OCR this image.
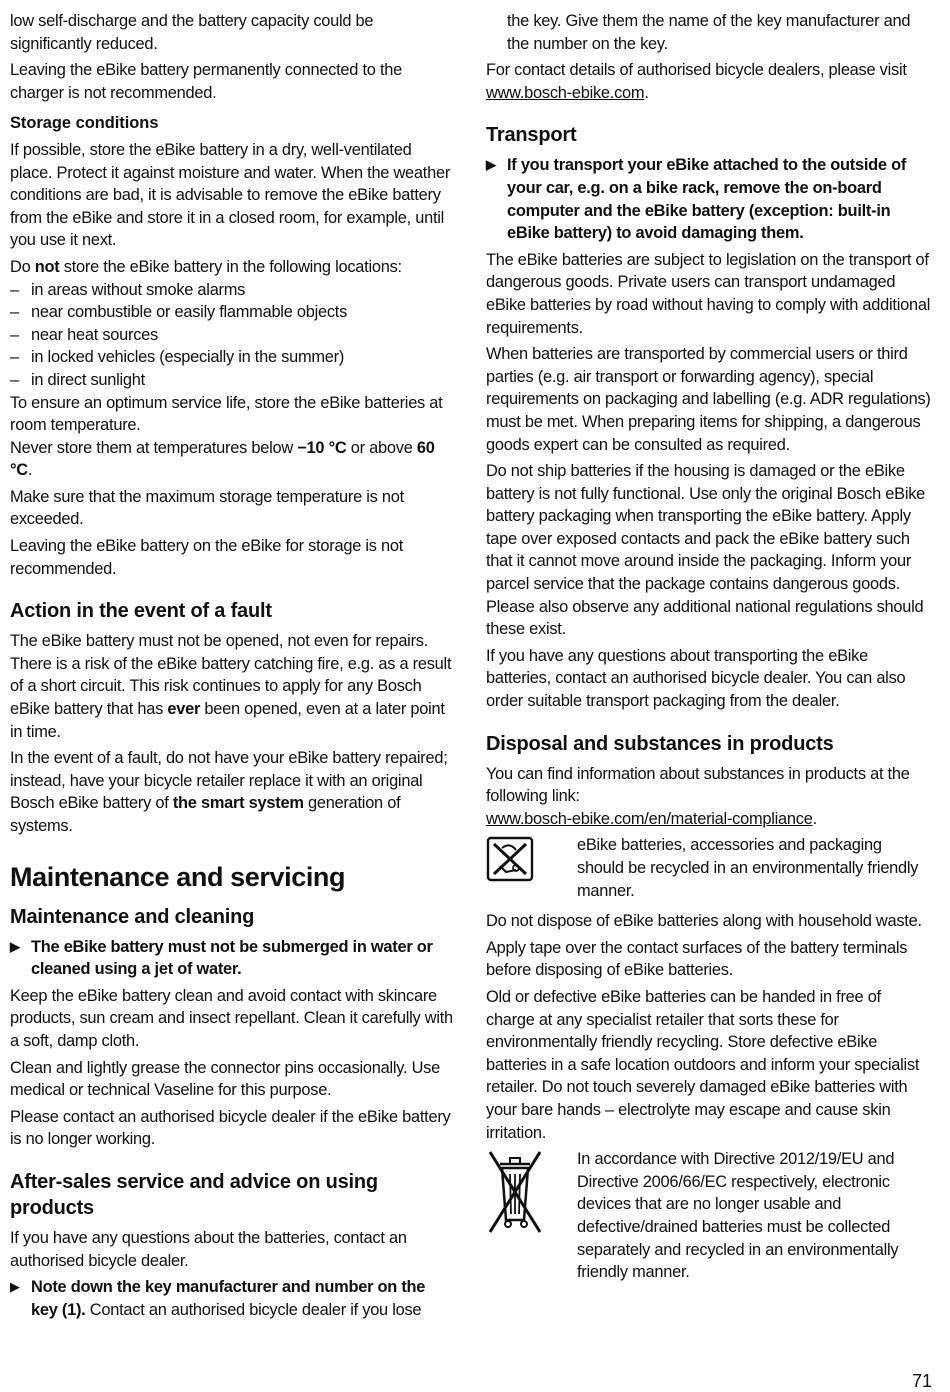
low self-discharge and the battery capacity could be significantly reduced.

Leaving the eBike battery permanently connected to the charger is not recommended.

Storage conditions

If possible, store the eBike battery in a dry, well-ventilated place. Protect it against moisture and water. When the weather conditions are bad, it is advisable to remove the eBike battery from the eBike and store it in a closed room, for example, until you use it next.

Do not store the eBike battery in the following locations:

– in areas without smoke alarms
– near combustible or easily flammable objects
– near heat sources
– in locked vehicles (especially in the summer)
– in direct sunlight

To ensure an optimum service life, store the eBike batteries at room temperature.

Never store them at temperatures below −10 °C or above 60 °C.

Make sure that the maximum storage temperature is not exceeded.

Leaving the eBike battery on the eBike for storage is not recommended.

Action in the event of a fault

The eBike battery must not be opened, not even for repairs. There is a risk of the eBike battery catching fire, e.g. as a result of a short circuit. This risk continues to apply for any Bosch eBike battery that has ever been opened, even at a later point in time.

In the event of a fault, do not have your eBike battery repaired; instead, have your bicycle retailer replace it with an original Bosch eBike battery of the smart system generation of systems.

Maintenance and servicing
Maintenance and cleaning
▶ The eBike battery must not be submerged in water or cleaned using a jet of water.

Keep the eBike battery clean and avoid contact with skincare products, sun cream and insect repellant. Clean it carefully with a soft, damp cloth.

Clean and lightly grease the connector pins occasionally. Use medical or technical Vaseline for this purpose.

Please contact an authorised bicycle dealer if the eBike battery is no longer working.

After-sales service and advice on using products

If you have any questions about the batteries, contact an authorised bicycle dealer.

▶ Note down the key manufacturer and number on the key (1). Contact an authorised bicycle dealer if you lose

the key. Give them the name of the key manufacturer and the number on the key.

For contact details of authorised bicycle dealers, please visit www.bosch-ebike.com.

Transport
▶ If you transport your eBike attached to the outside of your car, e.g. on a bike rack, remove the on-board computer and the eBike battery (exception: built-in eBike battery) to avoid damaging them.

The eBike batteries are subject to legislation on the transport of dangerous goods. Private users can transport undamaged eBike batteries by road without having to comply with additional requirements.

When batteries are transported by commercial users or third parties (e.g. air transport or forwarding agency), special requirements on packaging and labelling (e.g. ADR regulations) must be met. When preparing items for shipping, a dangerous goods expert can be consulted as required.

Do not ship batteries if the housing is damaged or the eBike battery is not fully functional. Use only the original Bosch eBike battery packaging when transporting the eBike battery. Apply tape over exposed contacts and pack the eBike battery such that it cannot move around inside the packaging. Inform your parcel service that the package contains dangerous goods. Please also observe any additional national regulations should these exist.

If you have any questions about transporting the eBike batteries, contact an authorised bicycle dealer. You can also order suitable transport packaging from the dealer.

Disposal and substances in products

You can find information about substances in products at the following link:

www.bosch-ebike.com/en/material-compliance.

eBike batteries, accessories and packaging should be recycled in an environmentally friendly manner.

Do not dispose of eBike batteries along with household waste.

Apply tape over the contact surfaces of the battery terminals before disposing of eBike batteries.

Old or defective eBike batteries can be handed in free of charge at any specialist retailer that sorts these for environmentally friendly recycling. Store defective eBike batteries in a safe location outdoors and inform your specialist retailer. Do not touch severely damaged eBike batteries with your bare hands – electrolyte may escape and cause skin irritation.

In accordance with Directive 2012/19/EU and Directive 2006/66/EC respectively, electronic devices that are no longer usable and defective/drained batteries must be collected separately and recycled in an environmentally friendly manner.

71
